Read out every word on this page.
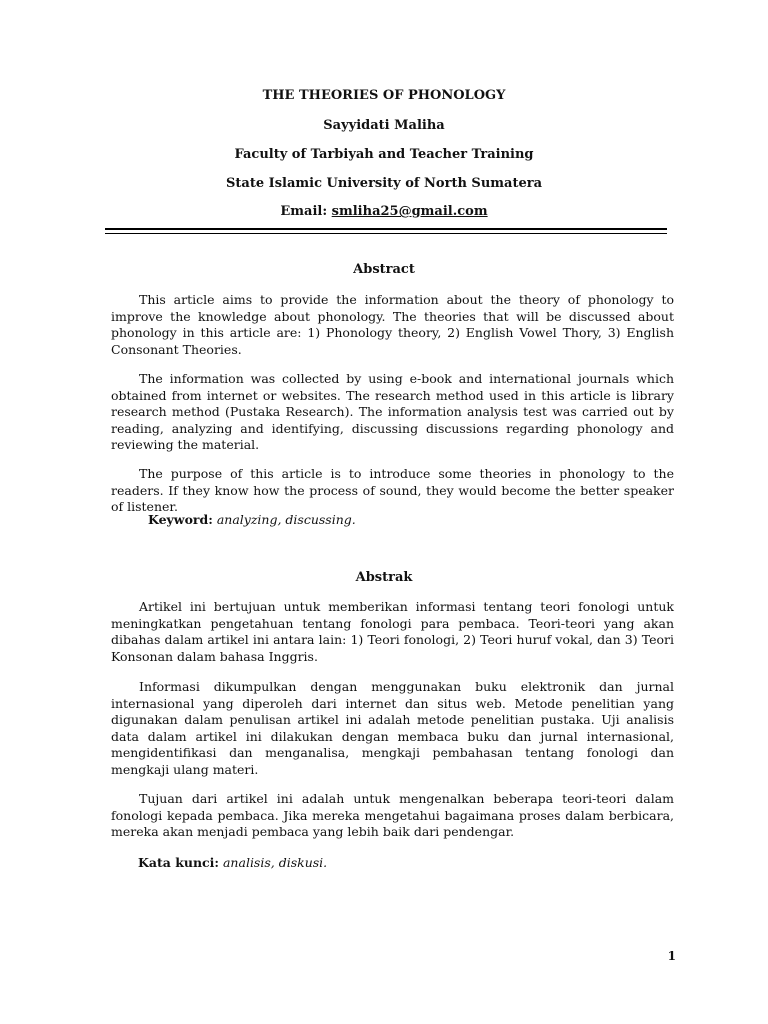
THE THEORIES OF PHONOLOGY
Sayyidati Maliha
Faculty of Tarbiyah and Teacher Training
State Islamic University of North Sumatera
Email: smliha25@gmail.com
Abstract

This article aims to provide the information about the theory of phonology to improve the knowledge about phonology. The theories that will be discussed about phonology in this article are: 1) Phonology theory, 2) English Vowel Thory, 3) English Consonant Theories.

The information was collected by using e-book and international journals which obtained from internet or websites. The research method used in this article is library research method (Pustaka Research). The information analysis test was carried out by reading, analyzing and identifying, discussing discussions regarding phonology and reviewing the material.

The purpose of this article is to introduce some theories in phonology to the readers. If they know how the process of sound, they would become the better speaker of listener.

Keyword: analyzing, discussing.
Abstrak

Artikel ini bertujuan untuk memberikan informasi tentang teori fonologi untuk meningkatkan pengetahuan tentang fonologi para pembaca. Teori-teori yang akan dibahas dalam artikel ini antara lain: 1) Teori fonologi, 2) Teori huruf vokal, dan 3) Teori Konsonan dalam bahasa Inggris.

Informasi dikumpulkan dengan menggunakan buku elektronik dan jurnal internasional yang diperoleh dari internet dan situs web. Metode penelitian yang digunakan dalam penulisan artikel ini adalah metode penelitian pustaka. Uji analisis data dalam artikel ini dilakukan dengan membaca buku dan jurnal internasional, mengidentifikasi dan menganalisa, mengkaji pembahasan tentang fonologi dan mengkaji ulang materi.

Tujuan dari artikel ini adalah untuk mengenalkan beberapa teori-teori dalam fonologi kepada pembaca. Jika mereka mengetahui bagaimana proses dalam berbicara, mereka akan menjadi pembaca yang lebih baik dari pendengar.

Kata kunci: analisis, diskusi.
1
